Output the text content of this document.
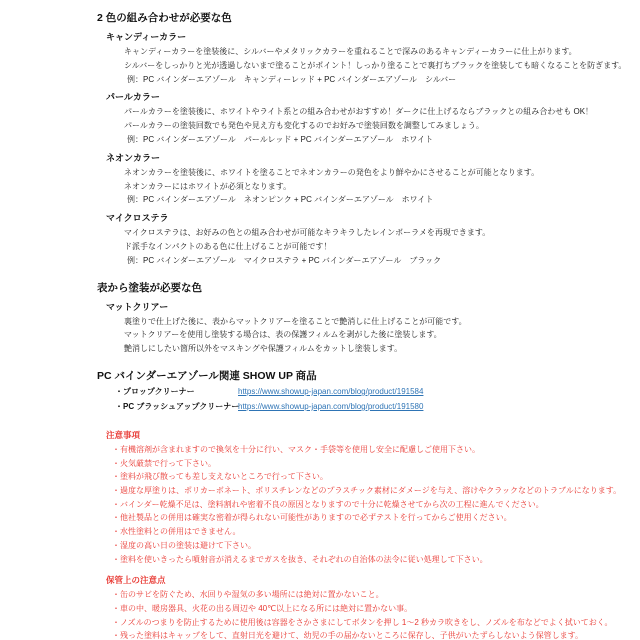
2 色の組み合わせが必要な色
キャンディーカラー
キャンディーカラーを塗装後に、シルバーやメタリックカラーを重ねることで深みのあるキャンディーカラーに仕上がります。
シルバーをしっかりと光が透過しないまで塗ることがポイント！しっかり塗ることで裏打ちブラックを塗装しても暗くなることを防ぎます。
例：PC バインダーエアゾール　キャンディーレッド + PC バインダーエアゾール　シルバー
パールカラー
パールカラーを塗装後に、ホワイトやライト系との組み合わせがおすすめ！ダークに仕上げるならブラックとの組み合わせも OK！
パールカラーの塗装回数でも発色や見え方も変化するのでお好みで塗装回数を調整してみましょう。
例：PC バインダーエアゾール　パールレッド + PC バインダーエアゾール　ホワイト
ネオンカラー
ネオンカラーを塗装後に、ホワイトを塗ることでネオンカラーの発色をより鮮やかにさせることが可能となります。
ネオンカラーにはホワイトが必須となります。
例：PC バインダーエアゾール　ネオンピンク + PC バインダーエアゾール　ホワイト
マイクロステラ
マイクロステラは、お好みの色との組み合わせが可能なキラキラしたレインボーラメを再現できます。
ド派手なインパクトのある色に仕上げることが可能です！
例：PC バインダーエアゾール　マイクロステラ + PC バインダーエアゾール　ブラック
表から塗装が必要な色
マットクリアー
裏塗りで仕上げた後に、表からマットクリアーを塗ることで艶消しに仕上げることが可能です。
マットクリアーを使用し塗装する場合は、表の保護フィルムを剥がした後に塗装します。
艶消しにしたい箇所以外をマスキングや保護フィルムをカットし塗装します。
PC バインダーエアゾール関連 SHOW UP 商品
・プロップクリーナー	https://www.showup-japan.com/blog/product/191584
・PC ブラッシュアップクリーナー
https://www.showup-japan.com/blog/product/191580
注意事項
・有機溶剤が含まれますので換気を十分に行い、マスク・手袋等を使用し安全に配慮しご使用下さい。
・火気厳禁で行って下さい。
・塗料が飛び散っても差し支えないところで行って下さい。
・過度な厚塗りは、ポリカーボネート、ポリスチレンなどのプラスチック素材にダメージを与え、溶けやクラックなどのトラブルになります。
・バインダー乾燥不足は、塗料割れや密着不良の原因となりますので十分に乾燥させてから次の工程に進んでください。
・他社製品との併用は確実な密着が得られない可能性がありますので必ずテストを行ってからご使用ください。
・水性塗料との併用はできません。
・湿度の高い日の塗装は避けて下さい。
・塗料を使いきったら噴射音が消えるまでガスを抜き、それぞれの自治体の法令に従い処理して下さい。
保管上の注意点
・缶のサビを防ぐため、水回りや湿気の多い場所には絶対に置かないこと。
・車の中、暖房器具、火花の出る周辺や 40℃以上になる所には絶対に置かない事。
・ノズルのつまりを防止するために使用後は容器をさかさまにしてボタンを押し 1～2 秒カラ吹きをし、ノズルを布などでよく拭いておく。
・残った塗料はキャップをして、直射日光を避けて、幼児の手の届かないところに保存し、子供がいたずらしないよう保管します。
